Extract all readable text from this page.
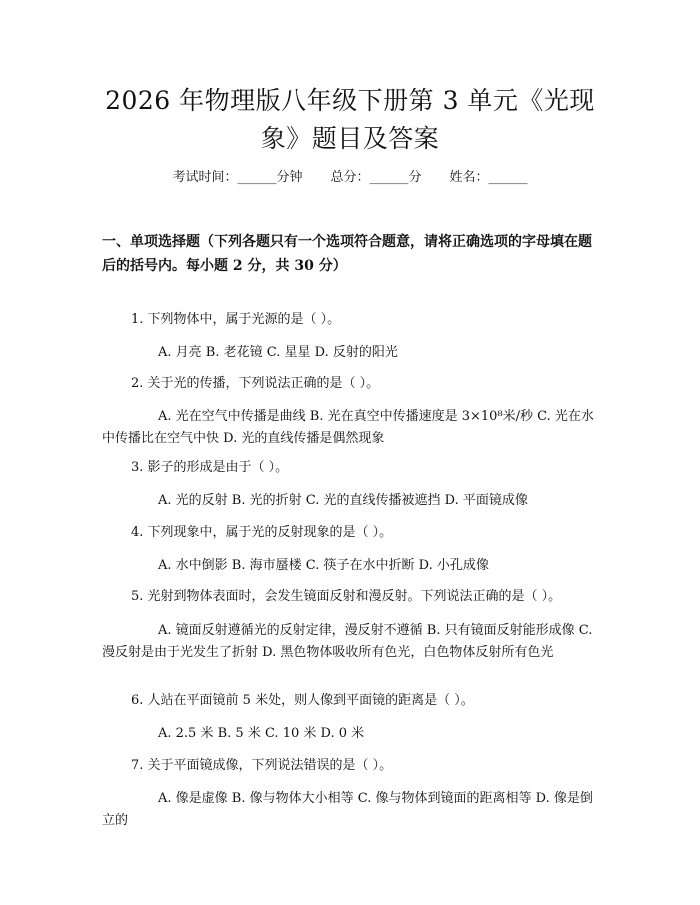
2026 年物理版八年级下册第 3 单元《光现象》题目及答案
考试时间：______分钟 总分：______分 姓名：______
一、单项选择题（下列各题只有一个选项符合题意，请将正确选项的字母填在题后的括号内。每小题 2 分，共 30 分）
1. 下列物体中，属于光源的是（ ）。
A. 月亮 B. 老花镜 C. 星星 D. 反射的阳光
2. 关于光的传播，下列说法正确的是（ ）。
A. 光在空气中传播是曲线 B. 光在真空中传播速度是 3×10⁸米/秒 C. 光在水中传播比在空气中快 D. 光的直线传播是偶然现象
3. 影子的形成是由于（ ）。
A. 光的反射 B. 光的折射 C. 光的直线传播被遮挡 D. 平面镜成像
4. 下列现象中，属于光的反射现象的是（ ）。
A. 水中倒影 B. 海市蜃楼 C. 筷子在水中折断 D. 小孔成像
5. 光射到物体表面时，会发生镜面反射和漫反射。下列说法正确的是（ ）。
A. 镜面反射遵循光的反射定律，漫反射不遵循 B. 只有镜面反射能形成像 C. 漫反射是由于光发生了折射 D. 黑色物体吸收所有色光，白色物体反射所有色光
6. 人站在平面镜前 5 米处，则人像到平面镜的距离是（ ）。
A. 2.5 米 B. 5 米 C. 10 米 D. 0 米
7. 关于平面镜成像，下列说法错误的是（ ）。
A. 像是虚像 B. 像与物体大小相等 C. 像与物体到镜面的距离相等 D. 像是倒立的
